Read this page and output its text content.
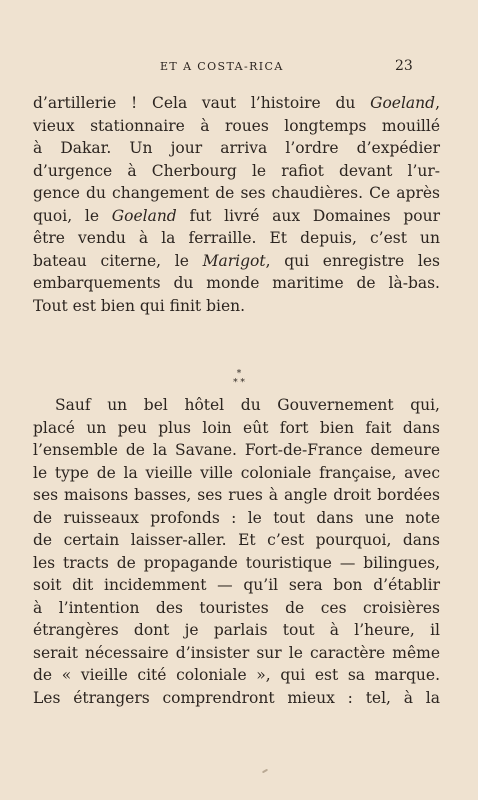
ET A COSTA-RICA	23
d’artillerie ! Cela vaut l’histoire du Goeland,
vieux stationnaire à roues longtemps mouillé
à Dakar. Un jour arriva l’ordre d’expédier
d’urgence à Cherbourg le rafiot devant l’ur-
gence du changement de ses chaudières. Ce après
quoi, le Goeland fut livré aux Domaines pour
être vendu à la ferraille. Et depuis, c’est un
bateau citerne, le Marigot, qui enregistre les
embarquements du monde maritime de là-bas.
Tout est bien qui finit bien.
*
* *
Sauf un bel hôtel du Gouvernement qui,
placé un peu plus loin eût fort bien fait dans
l’ensemble de la Savane. Fort-de-France demeure
le type de la vieille ville coloniale française, avec
ses maisons basses, ses rues à angle droit bordées
de ruisseaux profonds : le tout dans une note
de certain laisser-aller. Et c’est pourquoi, dans
les tracts de propagande touristique — bilingues,
soit dit incidemment — qu’il sera bon d’établir
à l’intention des touristes de ces croisières
étrangères dont je parlais tout à l’heure, il
serait nécessaire d’insister sur le caractère même
de « vieille cité coloniale », qui est sa marque.
Les étrangers comprendront mieux : tel, à la
